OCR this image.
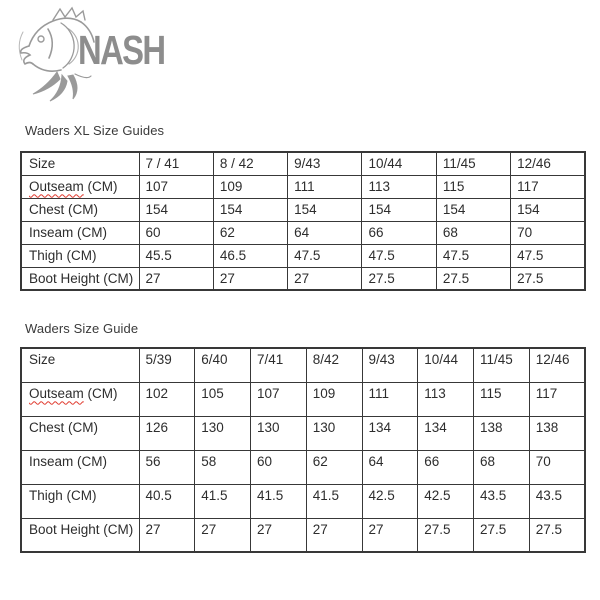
NASH
Waders XL Size Guides
Size	7 / 41	8 / 42	9/43	10/44	11/45	12/46
Outseam (CM)	107	109	111	113	115	117
Chest (CM)	154	154	154	154	154	154
Inseam (CM)	60	62	64	66	68	70
Thigh (CM)	45.5	46.5	47.5	47.5	47.5	47.5
Boot Height (CM)	27	27	27	27.5	27.5	27.5
Waders Size Guide
Size	5/39	6/40	7/41	8/42	9/43	10/44	11/45	12/46
Outseam (CM)	102	105	107	109	111	113	115	117
Chest (CM)	126	130	130	130	134	134	138	138
Inseam (CM)	56	58	60	62	64	66	68	70
Thigh (CM)	40.5	41.5	41.5	41.5	42.5	42.5	43.5	43.5
Boot Height (CM)	27	27	27	27	27	27.5	27.5	27.5
